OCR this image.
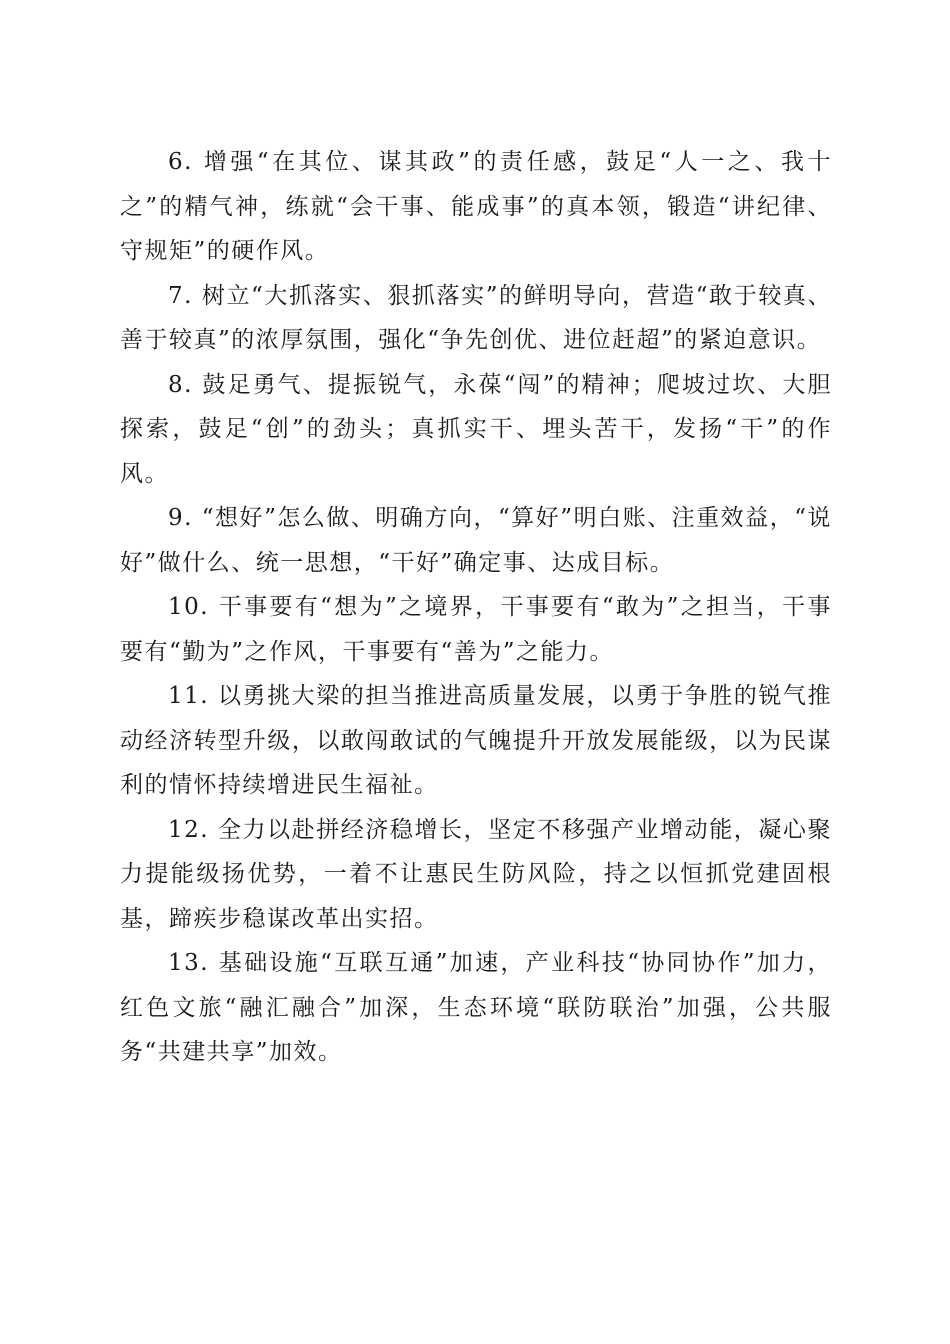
6. 增强“在其位、谋其政”的责任感，鼓足“人一之、我十之”的精气神，练就“会干事、能成事”的真本领，锻造“讲纪律、守规矩”的硬作风。

7. 树立“大抓落实、狠抓落实”的鲜明导向，营造“敢于较真、善于较真”的浓厚氛围，强化“争先创优、进位赶超”的紧迫意识。

8. 鼓足勇气、提振锐气，永葆“闯”的精神；爬坡过坎、大胆探索，鼓足“创”的劲头；真抓实干、埋头苦干，发扬“干”的作风。

9. “想好”怎么做、明确方向，“算好”明白账、注重效益，“说好”做什么、统一思想，“干好”确定事、达成目标。

10. 干事要有“想为”之境界，干事要有“敢为”之担当，干事要有“勤为”之作风，干事要有“善为”之能力。

11. 以勇挑大梁的担当推进高质量发展，以勇于争胜的锐气推动经济转型升级，以敢闯敢试的气魄提升开放发展能级，以为民谋利的情怀持续增进民生福祉。

12. 全力以赴拼经济稳增长，坚定不移强产业增动能，凝心聚力提能级扬优势，一着不让惠民生防风险，持之以恒抓党建固根基，蹄疾步稳谋改革出实招。

13. 基础设施“互联互通”加速，产业科技“协同协作”加力，红色文旅“融汇融合”加深，生态环境“联防联治”加强，公共服务“共建共享”加效。
